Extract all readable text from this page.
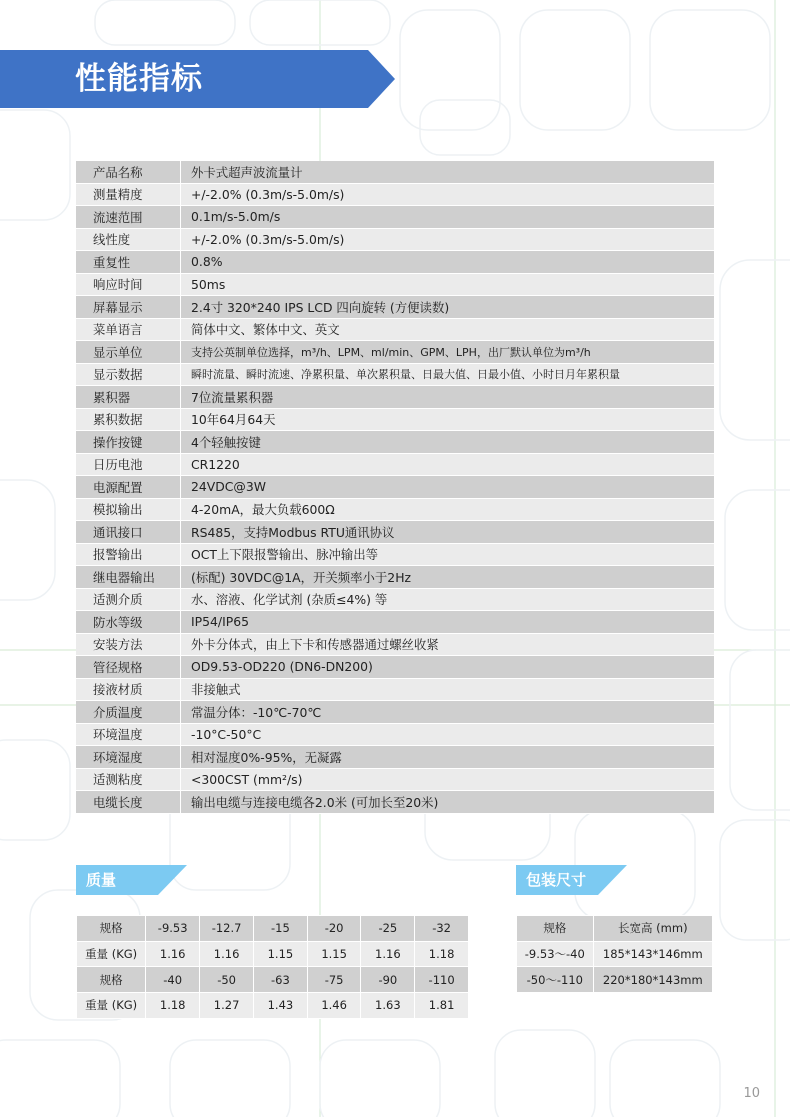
性能指标
产品名称	外卡式超声波流量计
测量精度	+/-2.0% (0.3m/s-5.0m/s)
流速范围	0.1m/s-5.0m/s
线性度	+/-2.0% (0.3m/s-5.0m/s)
重复性	0.8%
响应时间	50ms
屏幕显示	2.4寸 320*240 IPS LCD 四向旋转 (方便读数)
菜单语言	简体中文、繁体中文、英文
显示单位	支持公英制单位选择，m³/h、LPM、ml/min、GPM、LPH，出厂默认单位为m³/h
显示数据	瞬时流量、瞬时流速、净累积量、单次累积量、日最大值、日最小值、小时日月年累积量
累积器	7位流量累积器
累积数据	10年64月64天
操作按键	4个轻触按键
日历电池	CR1220
电源配置	24VDC@3W
模拟输出	4-20mA，最大负载600Ω
通讯接口	RS485，支持Modbus RTU通讯协议
报警输出	OCT上下限报警输出、脉冲输出等
继电器输出	(标配) 30VDC@1A，开关频率小于2Hz
适测介质	水、溶液、化学试剂 (杂质≤4%) 等
防水等级	IP54/IP65
安装方法	外卡分体式，由上下卡和传感器通过螺丝收紧
管径规格	OD9.53-OD220 (DN6-DN200)
接液材质	非接触式
介质温度	常温分体：-10℃-70℃
环境温度	-10°C-50°C
环境湿度	相对湿度0%-95%，无凝露
适测粘度	<300CST (mm²/s)
电缆长度	输出电缆与连接电缆各2.0米 (可加长至20米)
质量
规格	-9.53	-12.7	-15	-20	-25	-32
重量 (KG)	1.16	1.16	1.15	1.15	1.16	1.18
规格	-40	-50	-63	-75	-90	-110
重量 (KG)	1.18	1.27	1.43	1.46	1.63	1.81
包装尺寸
规格	长宽高 (mm)
-9.53～-40	185*143*146mm
-50～-110	220*180*143mm
10
